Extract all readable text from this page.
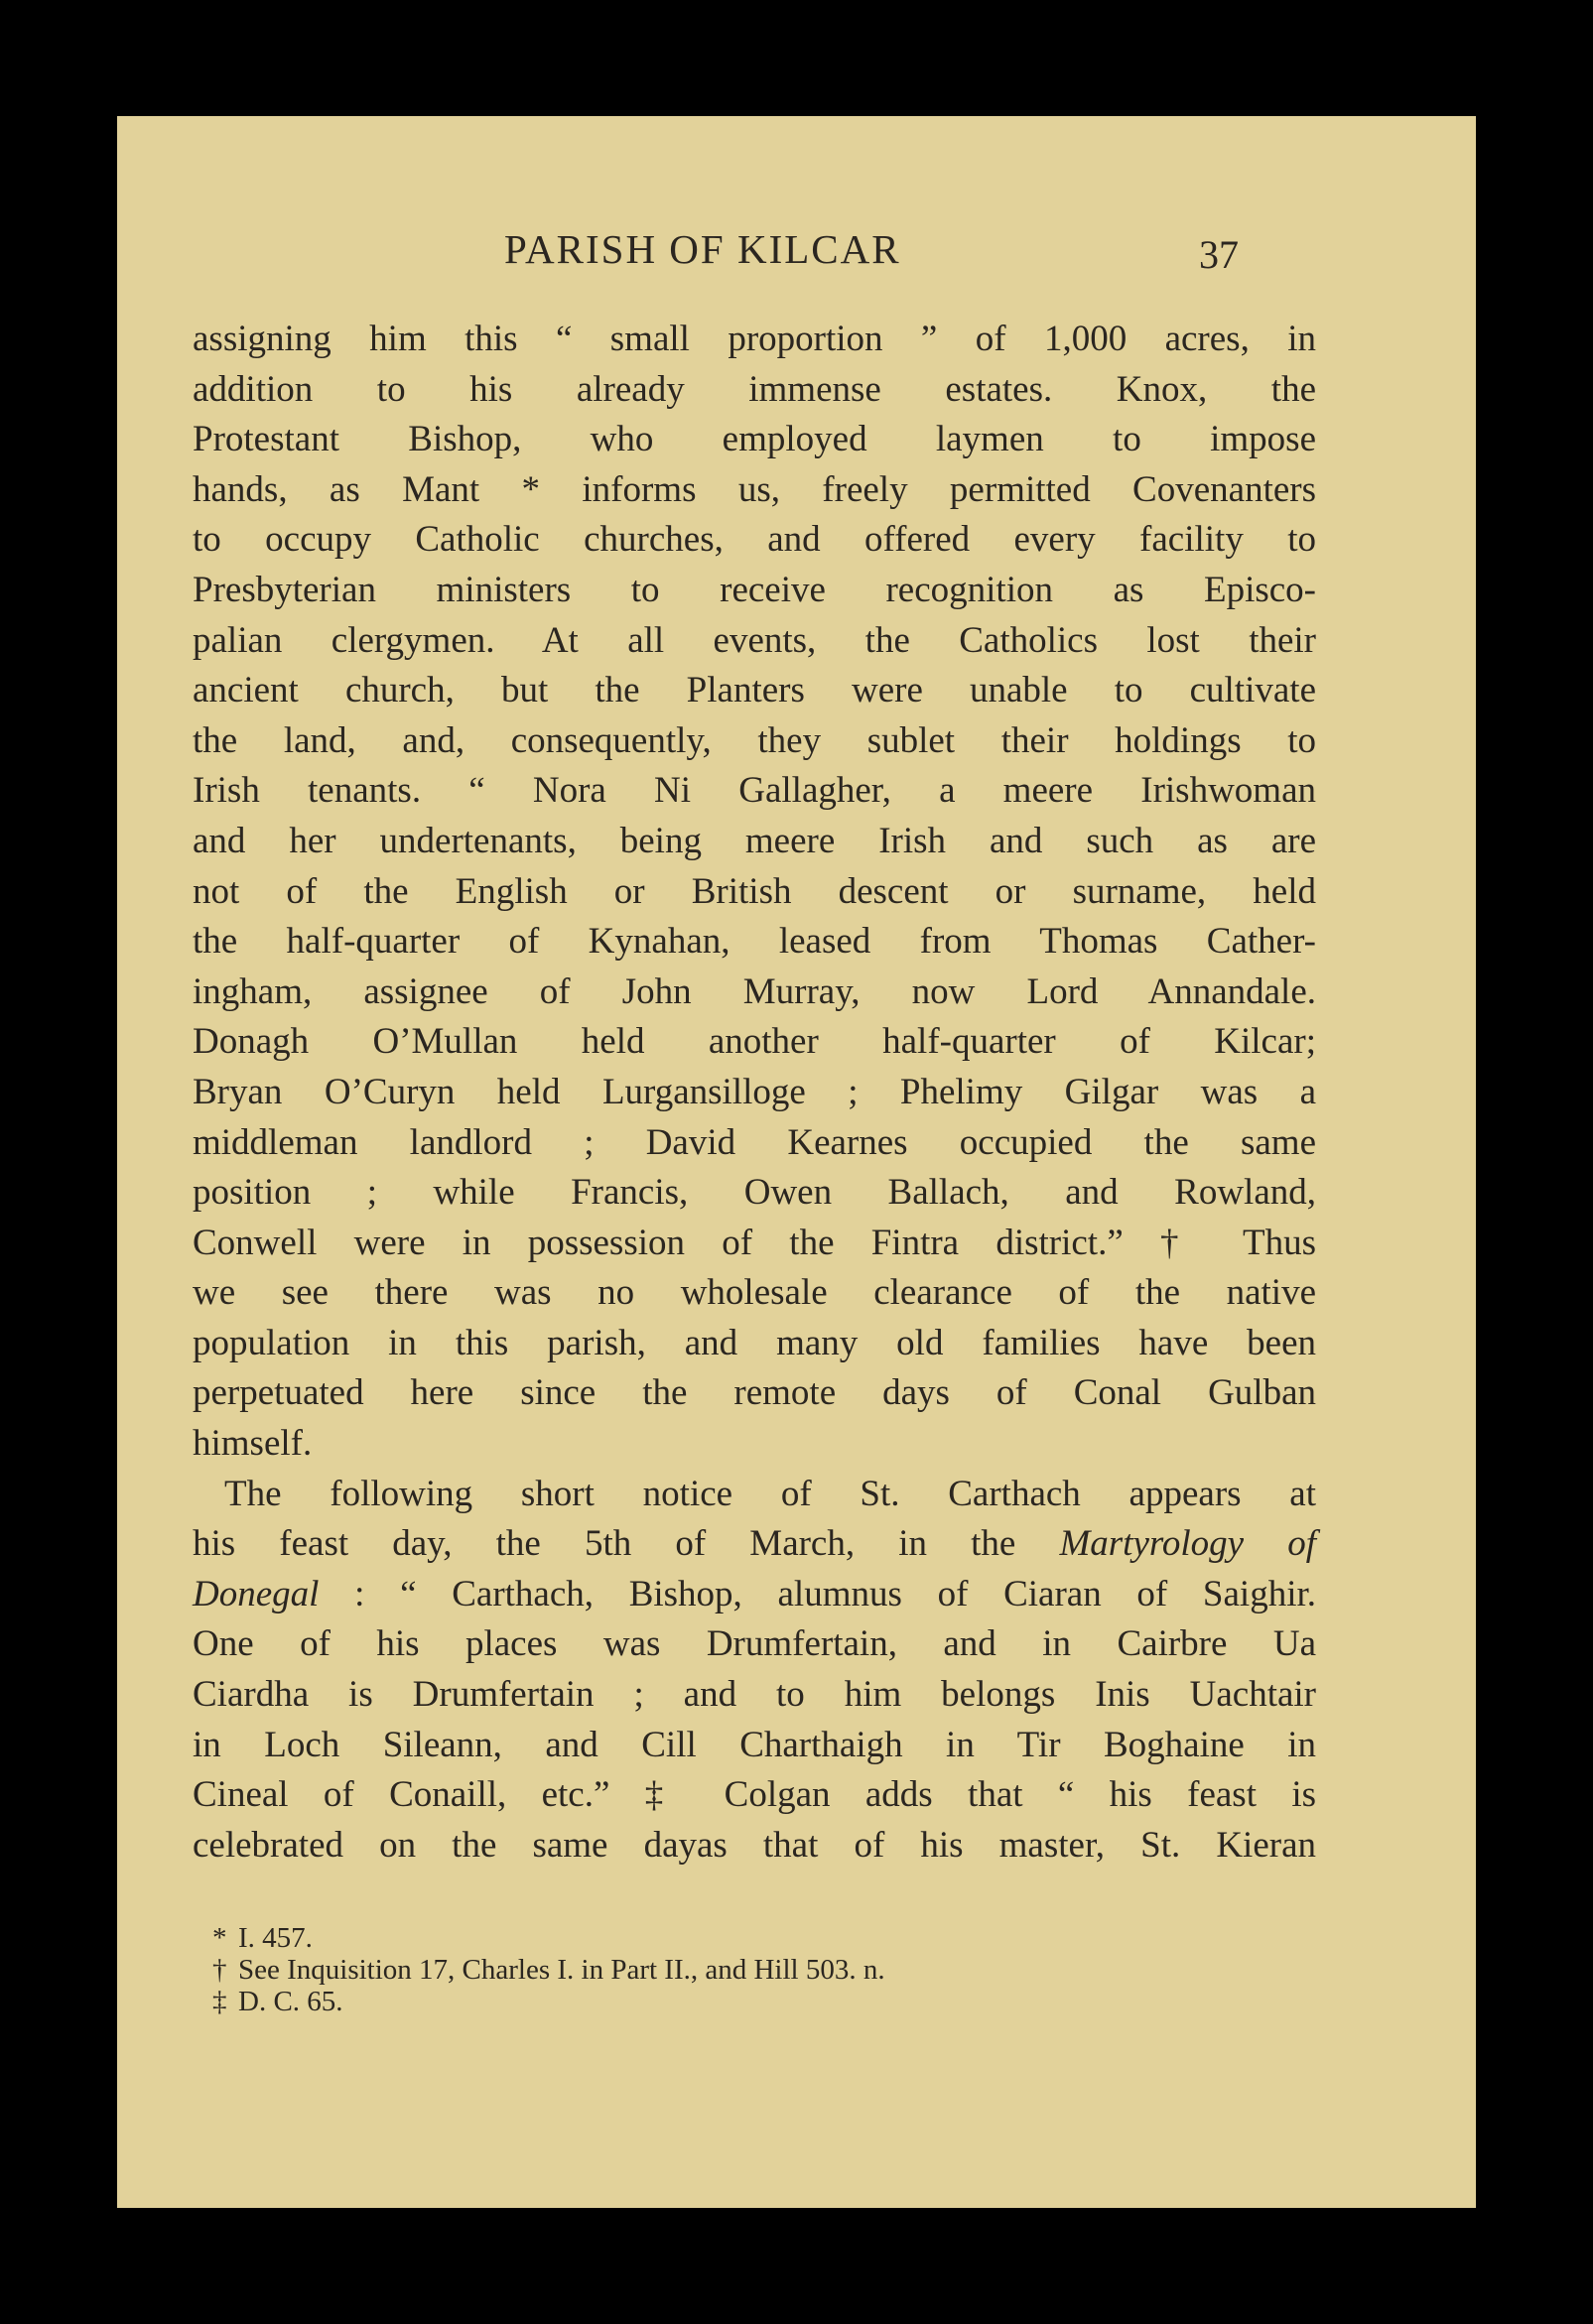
PARISH OF KILCAR	37
assigning him this “ small proportion ” of 1,000 acres, in
addition to his already immense estates. Knox, the
Protestant Bishop, who employed laymen to impose
hands, as Mant * informs us, freely permitted Covenanters
to occupy Catholic churches, and offered every facility to
Presbyterian ministers to receive recognition as Episco-
palian clergymen. At all events, the Catholics lost their
ancient church, but the Planters were unable to cultivate
the land, and, consequently, they sublet their holdings to
Irish tenants. “ Nora Ni Gallagher, a meere Irishwoman
and her undertenants, being meere Irish and such as are
not of the English or British descent or surname, held
the half-quarter of Kynahan, leased from Thomas Cather-
ingham, assignee of John Murray, now Lord Annandale.
Donagh O’Mullan held another half-quarter of Kilcar;
Bryan O’Curyn held Lurgansilloge ; Phelimy Gilgar was a
middleman landlord ; David Kearnes occupied the same
position ; while Francis, Owen Ballach, and Rowland,
Conwell were in possession of the Fintra district.” † Thus
we see there was no wholesale clearance of the native
population in this parish, and many old families have been
perpetuated here since the remote days of Conal Gulban
himself.
The following short notice of St. Carthach appears at
his feast day, the 5th of March, in the Martyrology of
Donegal : “ Carthach, Bishop, alumnus of Ciaran of Saighir.
One of his places was Drumfertain, and in Cairbre Ua
Ciardha is Drumfertain ; and to him belongs Inis Uachtair
in Loch Sileann, and Cill Charthaigh in Tir Boghaine in
Cineal of Conaill, etc.” ‡ Colgan adds that “ his feast is
celebrated on the same dayas that of his master, St. Kieran
* I. 457.
† See Inquisition 17, Charles I. in Part II., and Hill 503. n.
‡ D. C. 65.
